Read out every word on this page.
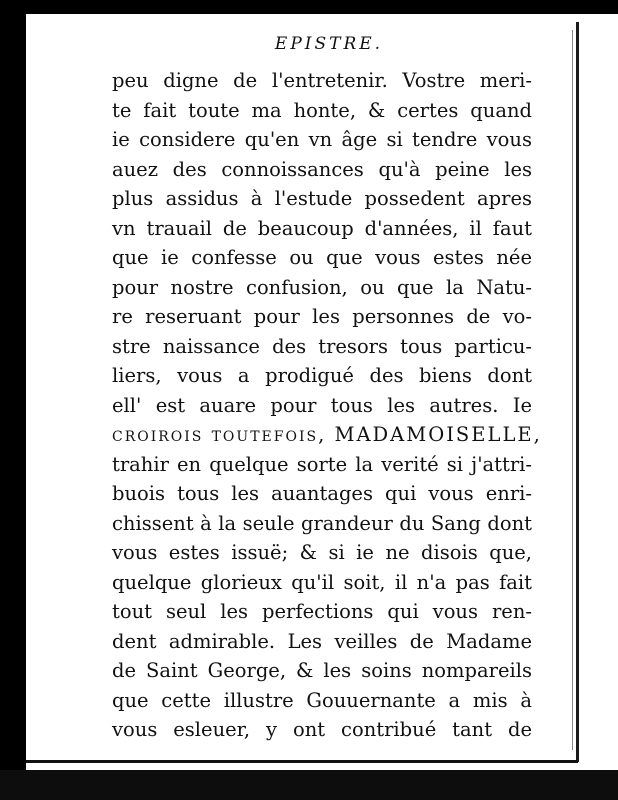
EPISTRE.
peu digne de l'entretenir. Vostre meri-
te fait toute ma honte, & certes quand
ie considere qu'en vn âge si tendre vous
auez des connoissances qu'à peine les
plus assidus à l'estude possedent apres
vn trauail de beaucoup d'années, il faut
que ie confesse ou que vous estes née
pour nostre confusion, ou que la Natu-
re reseruant pour les personnes de vo-
stre naissance des tresors tous particu-
liers, vous a prodigué des biens dont
ell' est auare pour tous les autres. Ie
croirois toutefois, MADAMOISELLE,
trahir en quelque sorte la verité si j'attri-
buois tous les auantages qui vous enri-
chissent à la seule grandeur du Sang dont
vous estes issuë; & si ie ne disois que,
quelque glorieux qu'il soit, il n'a pas fait
tout seul les perfections qui vous ren-
dent admirable. Les veilles de Madame
de Saint George, & les soins nompareils
que cette illustre Gouuernante a mis à
vous esleuer, y ont contribué tant de
